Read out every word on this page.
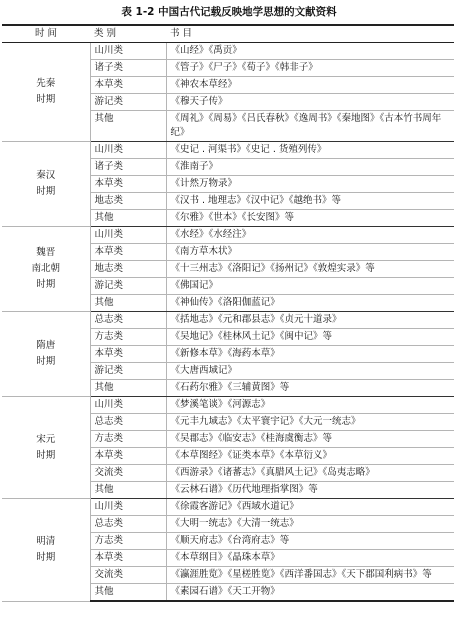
表 1-2 中国古代记载反映地学思想的文献资料
时 间	类 别	书 目
先秦
时期	山川类	《山经》《禹贡》
	诸子类	《管子》《尸子》《荀子》《韩非子》
	本草类	《神农本草经》
	游记类	《穆天子传》
	其他	《周礼》《周易》《吕氏春秋》《逸周书》《秦地图》《古本竹书周年纪》
秦汉
时期	山川类	《史记 . 河渠书》《史记 . 货殖列传》
	诸子类	《淮南子》
	本草类	《计然万物录》
	地志类	《汉书 . 地理志》《汉中记》《越绝书》等
	其他	《尔雅》《世本》《长安图》等
魏晋
南北朝
时期	山川类	《水经》《水经注》
	本草类	《南方草木状》
	地志类	《十三州志》《洛阳记》《扬州记》《敦煌实录》等
	游记类	《佛国记》
	其他	《神仙传》《洛阳伽蓝记》
隋唐
时期	总志类	《括地志》《元和郡县志》《贞元十道录》
	方志类	《吴地记》《桂林风土记》《闽中记》等
	本草类	《新修本草》《海药本草》
	游记类	《大唐西域记》
	其他	《石药尔雅》《三辅黄图》等
宋元
时期	山川类	《梦溪笔谈》《河源志》
	总志类	《元丰九域志》《太平寰宇记》《大元一统志》
	方志类	《吴郡志》《临安志》《桂海虞衡志》等
	本草类	《本草图经》《证类本草》《本草衍义》
	交流类	《西游录》《诸蕃志》《真腊风土记》《岛夷志略》
	其他	《云林石谱》《历代地理指掌图》等
明清
时期	山川类	《徐霞客游记》《西域水道记》
	总志类	《大明一统志》《大清一统志》
	方志类	《顺天府志》《台湾府志》等
	本草类	《本草纲目》《晶珠本草》
	交流类	《瀛涯胜览》《星槎胜览》《西洋番国志》《天下郡国利病书》等
	其他	《素园石谱》《天工开物》
